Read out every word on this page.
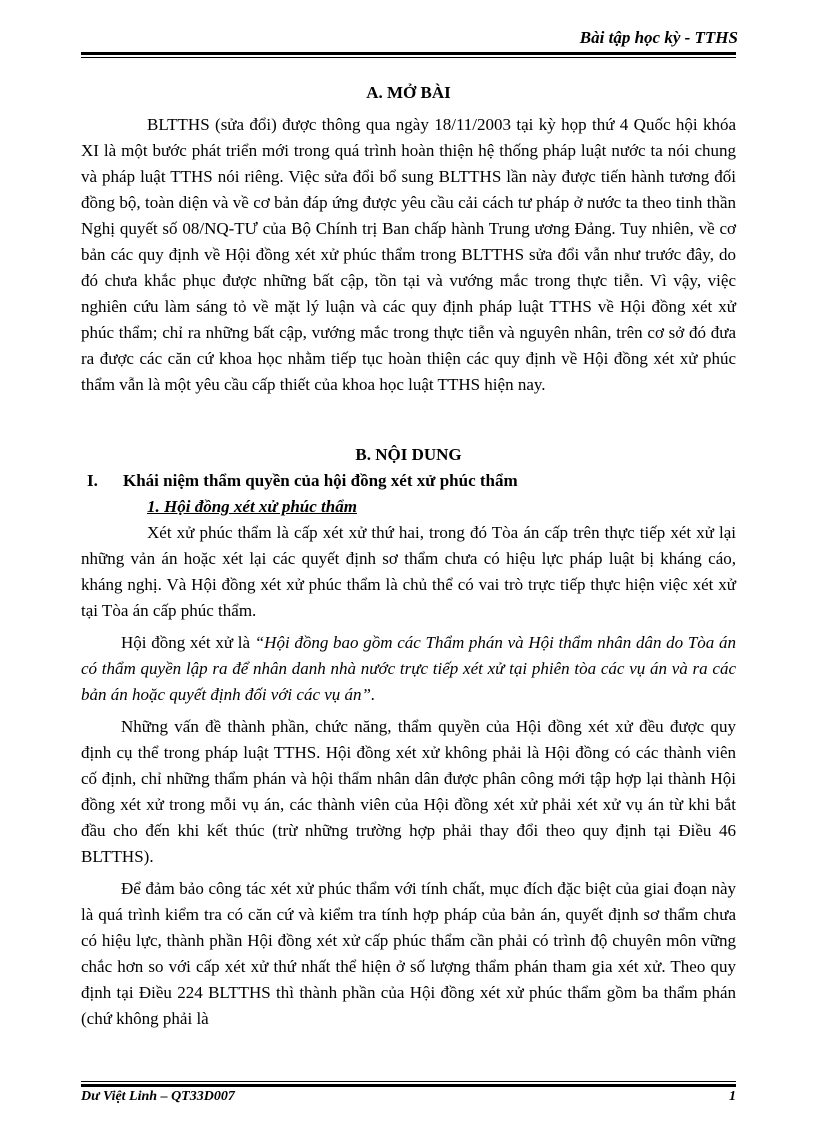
Bài tập học kỳ - TTHS

A. MỞ BÀI

BLTTHS (sửa đổi) được thông qua ngày 18/11/2003 tại kỳ họp thứ 4 Quốc hội khóa XI là một bước phát triển mới trong quá trình hoàn thiện hệ thống pháp luật nước ta nói chung và pháp luật TTHS nói riêng. Việc sửa đổi bổ sung BLTTHS lần này được tiến hành tương đối đồng bộ, toàn diện và về cơ bản đáp ứng được yêu cầu cải cách tư pháp ở nước ta theo tinh thần Nghị quyết số 08/NQ-TƯ của Bộ Chính trị Ban chấp hành Trung ương Đảng. Tuy nhiên, về cơ bản các quy định về Hội đồng xét xử phúc thẩm trong BLTTHS sửa đổi vẫn như trước đây, do đó chưa khắc phục được những bất cập, tồn tại và vướng mắc trong thực tiễn. Vì vậy, việc nghiên cứu làm sáng tỏ về mặt lý luận và các quy định pháp luật TTHS về Hội đồng xét xử phúc thẩm; chỉ ra những bất cập, vướng mắc trong thực tiễn và nguyên nhân, trên cơ sở đó đưa ra được các căn cứ khoa học nhằm tiếp tục hoàn thiện các quy định về Hội đồng xét xử phúc thẩm vẫn là một yêu cầu cấp thiết của khoa học luật TTHS hiện nay.

B. NỘI DUNG

I.	Khái niệm thẩm quyền của hội đồng xét xử phúc thẩm
1. Hội đồng xét xử phúc thẩm

Xét xử phúc thẩm là cấp xét xử thứ hai, trong đó Tòa án cấp trên thực tiếp xét xử lại những vản án hoặc xét lại các quyết định sơ thẩm chưa có hiệu lực pháp luật bị kháng cáo, kháng nghị. Và Hội đồng xét xử phúc thẩm là chủ thể có vai trò trực tiếp thực hiện việc xét xử tại Tòa án cấp phúc thẩm.

Hội đồng xét xử là “Hội đồng bao gồm các Thẩm phán và Hội thẩm nhân dân do Tòa án có thẩm quyền lập ra để nhân danh nhà nước trực tiếp xét xử tại phiên tòa các vụ án và ra các bản án hoặc quyết định đối với các vụ án”.

Những vấn đề thành phần, chức năng, thẩm quyền của Hội đồng xét xử đều được quy định cụ thể trong pháp luật TTHS. Hội đồng xét xử không phải là Hội đồng có các thành viên cố định, chỉ những thẩm phán và hội thẩm nhân dân được phân công mới tập hợp lại thành Hội đồng xét xử trong mỗi vụ án, các thành viên của Hội đồng xét xử phải xét xử vụ án từ khi bắt đầu cho đến khi kết thúc (trừ những trường hợp phải thay đổi theo quy định tại Điều 46 BLTTHS).

Để đảm bảo công tác xét xử phúc thẩm với tính chất, mục đích đặc biệt của giai đoạn này là quá trình kiểm tra có căn cứ và kiểm tra tính hợp pháp của bản án, quyết định sơ thẩm chưa có hiệu lực, thành phần Hội đồng xét xử cấp phúc thẩm cần phải có trình độ chuyên môn vững chắc hơn so với cấp xét xử thứ nhất thể hiện ở số lượng thẩm phán tham gia xét xử. Theo quy định tại Điều 224 BLTTHS thì thành phần của Hội đồng xét xử phúc thẩm gồm ba thẩm phán (chứ không phải là

Dư Việt Linh – QT33D007	1
